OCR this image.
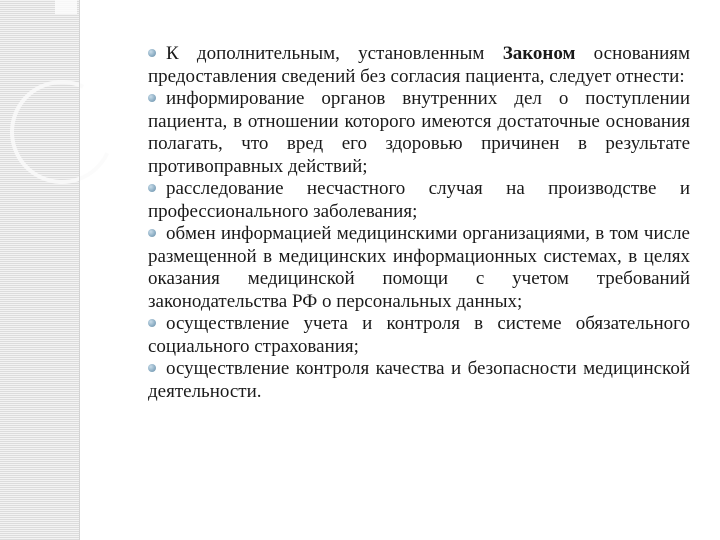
К дополнительным, установленным Законом основаниям предоставления сведений без согласия пациента, следует отнести:

информирование органов внутренних дел о поступлении пациента, в отношении которого имеются достаточные основания полагать, что вред его здоровью причинен в результате противоправных действий;

расследование несчастного случая на производстве и профессионального заболевания;

обмен информацией медицинскими организациями, в том числе размещенной в медицинских информационных системах, в целях оказания медицинской помощи с учетом требований законодательства РФ о персональных данных;

осуществление учета и контроля в системе обязательного социального страхования;

осуществление контроля качества и безопасности медицинской деятельности.
